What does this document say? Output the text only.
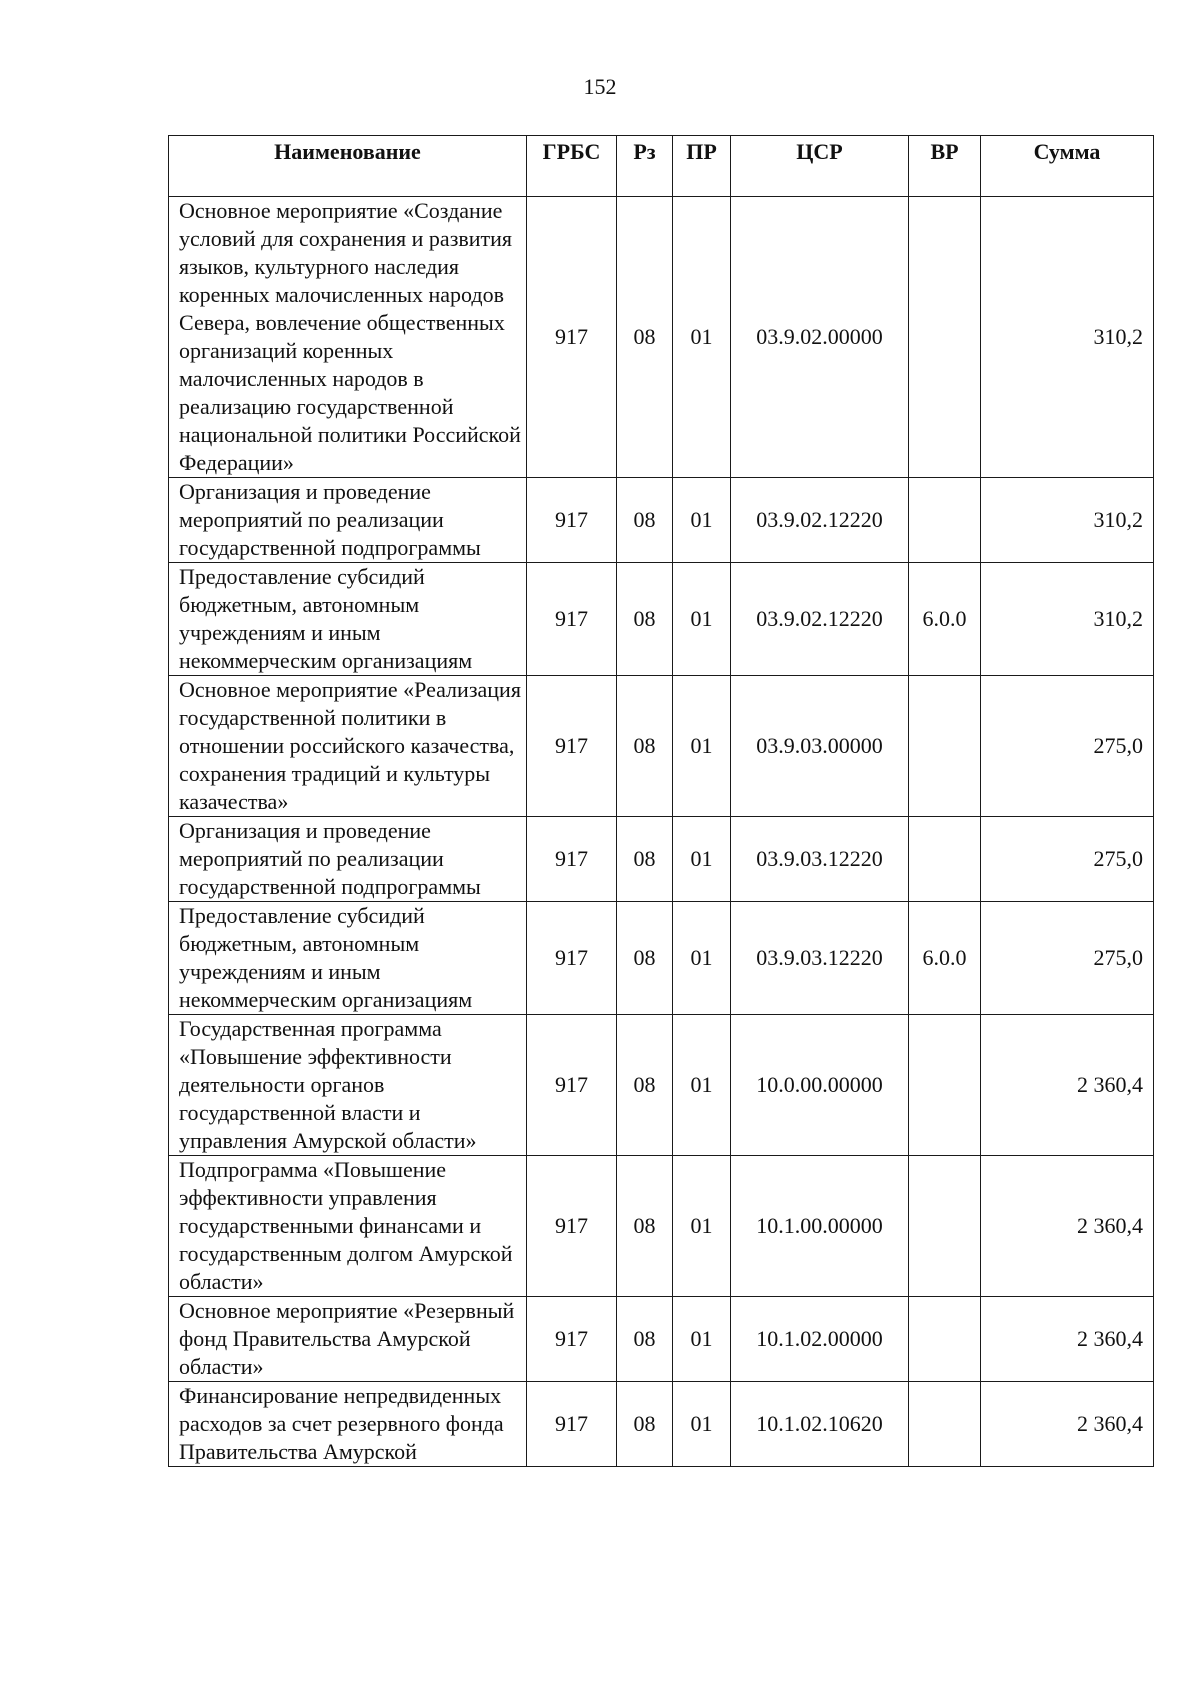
152
Наименование	ГРБС	Рз	ПР	ЦСР	ВР	Сумма
Основное мероприятие «Создание условий для сохранения и развития языков, культурного наследия коренных малочисленных народов Севера, вовлечение общественных организаций коренных малочисленных народов в реализацию государственной национальной политики Российской Федерации»	917	08	01	03.9.02.00000		310,2
Организация и проведение мероприятий по реализации государственной подпрограммы	917	08	01	03.9.02.12220		310,2
Предоставление субсидий бюджетным, автономным учреждениям и иным некоммерческим организациям	917	08	01	03.9.02.12220	6.0.0	310,2
Основное мероприятие «Реализация государственной политики в отношении российского казачества, сохранения традиций и культуры казачества»	917	08	01	03.9.03.00000		275,0
Организация и проведение мероприятий по реализации государственной подпрограммы	917	08	01	03.9.03.12220		275,0
Предоставление субсидий бюджетным, автономным учреждениям и иным некоммерческим организациям	917	08	01	03.9.03.12220	6.0.0	275,0
Государственная программа «Повышение эффективности деятельности органов государственной власти и управления Амурской области»	917	08	01	10.0.00.00000		2 360,4
Подпрограмма «Повышение эффективности управления государственными финансами и государственным долгом Амурской области»	917	08	01	10.1.00.00000		2 360,4
Основное мероприятие «Резервный фонд Правительства Амурской области»	917	08	01	10.1.02.00000		2 360,4
Финансирование непредвиденных расходов за счет резервного фонда Правительства Амурской	917	08	01	10.1.02.10620		2 360,4
